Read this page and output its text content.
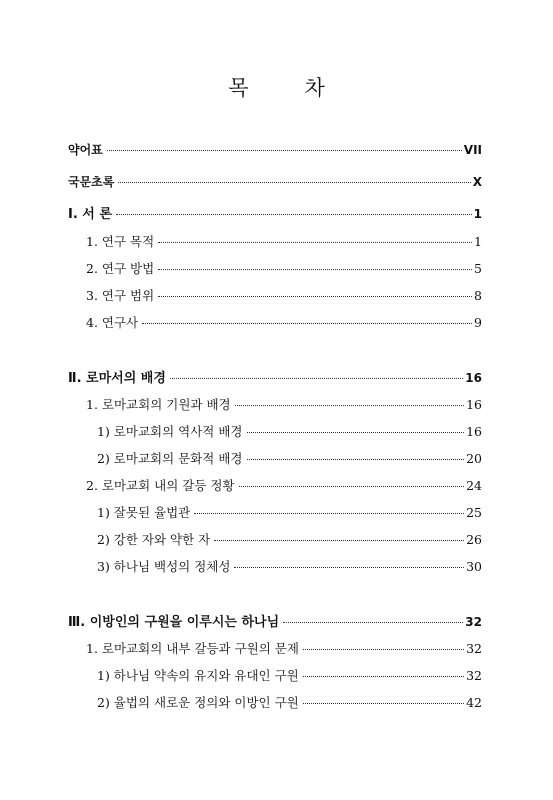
목	차
약어표	VII
국문초록	X
Ⅰ. 서 론	1
1. 연구 목적	1
2. 연구 방법	5
3. 연구 범위	8
4. 연구사	9
Ⅱ. 로마서의 배경	16
1. 로마교회의 기원과 배경	16
1) 로마교회의 역사적 배경	16
2) 로마교회의 문화적 배경	20
2. 로마교회 내의 갈등 정황	24
1) 잘못된 율법관	25
2) 강한 자와 약한 자	26
3) 하나님 백성의 정체성	30
Ⅲ. 이방인의 구원을 이루시는 하나님	32
1. 로마교회의 내부 갈등과 구원의 문제	32
1) 하나님 약속의 유지와 유대인 구원	32
2) 율법의 새로운 정의와 이방인 구원	42
